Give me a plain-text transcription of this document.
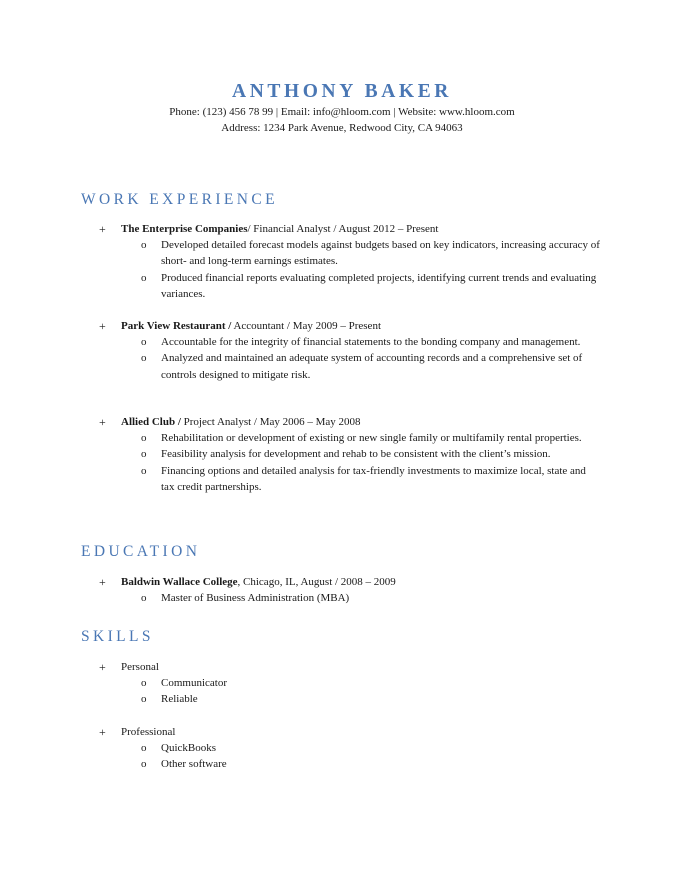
ANTHONY BAKER
Phone: (123) 456 78 99 | Email: info@hloom.com | Website: www.hloom.com
Address: 1234 Park Avenue, Redwood City, CA 94063
WORK EXPERIENCE
+ The Enterprise Companies/ Financial Analyst / August 2012 – Present
o Developed detailed forecast models against budgets based on key indicators, increasing accuracy of short- and long-term earnings estimates.
o Produced financial reports evaluating completed projects, identifying current trends and evaluating variances.
+ Park View Restaurant / Accountant / May 2009 – Present
o Accountable for the integrity of financial statements to the bonding company and management.
o Analyzed and maintained an adequate system of accounting records and a comprehensive set of controls designed to mitigate risk.
+ Allied Club / Project Analyst / May 2006 – May 2008
o Rehabilitation or development of existing or new single family or multifamily rental properties.
o Feasibility analysis for development and rehab to be consistent with the client’s mission.
o Financing options and detailed analysis for tax-friendly investments to maximize local, state and tax credit partnerships.
EDUCATION
+ Baldwin Wallace College, Chicago, IL, August / 2008 – 2009
o Master of Business Administration (MBA)
SKILLS
+ Personal
o Communicator
o Reliable
+ Professional
o QuickBooks
o Other software
